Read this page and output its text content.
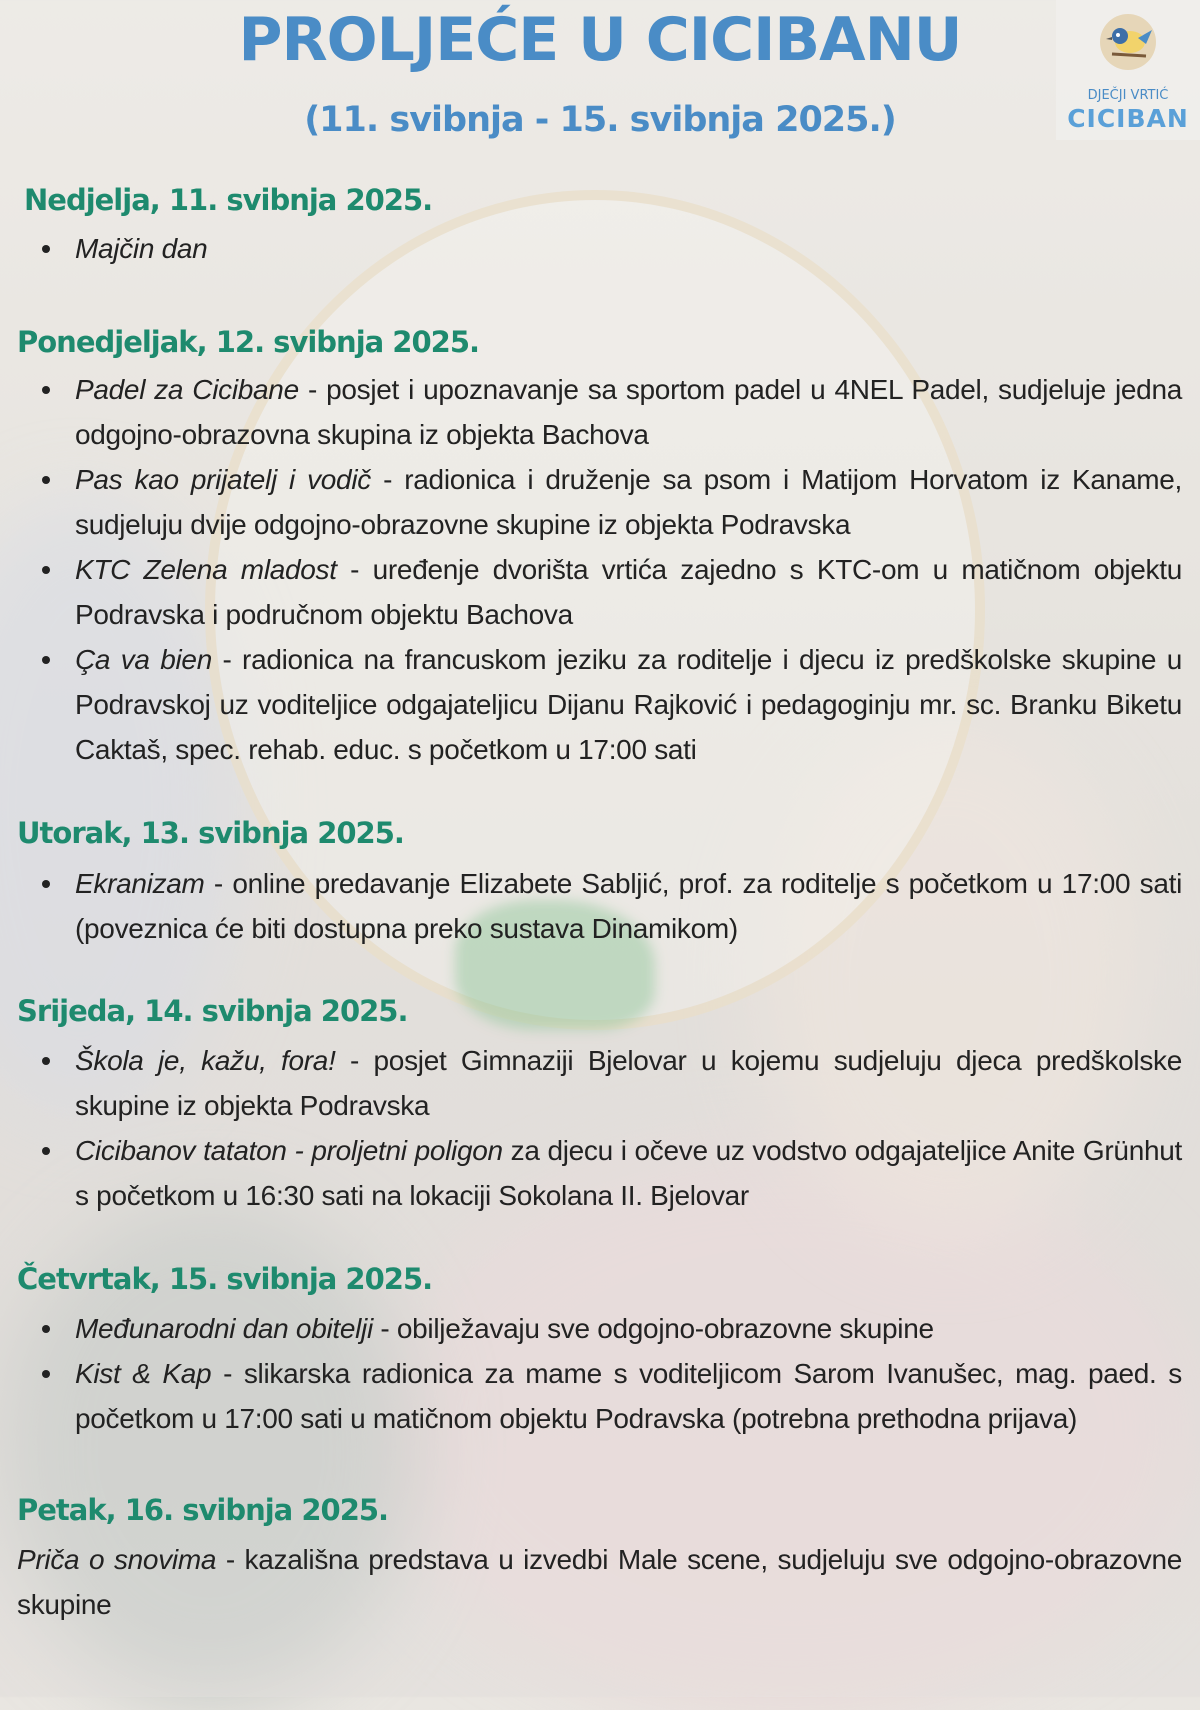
PROLJEĆE U CICIBANU
(11. svibnja - 15. svibnja 2025.)
DJEČJI VRTIĆ
CICIBAN
Nedjelja, 11. svibnja 2025.
Majčin dan
Ponedjeljak, 12. svibnja 2025.
Padel za Cicibane - posjet i upoznavanje sa sportom padel u 4NEL Padel, sudjeluje jedna odgojno-obrazovna skupina iz objekta Bachova
Pas kao prijatelj i vodič - radionica i druženje sa psom i Matijom Horvatom iz Kaname, sudjeluju dvije odgojno-obrazovne skupine iz objekta Podravska
KTC Zelena mladost - uređenje dvorišta vrtića zajedno s KTC-om u matičnom objektu Podravska i područnom objektu Bachova
Ça va bien - radionica na francuskom jeziku za roditelje i djecu iz predškolske skupine u Podravskoj uz voditeljice odgajateljicu Dijanu Rajković i pedagoginju mr. sc. Branku Biketu Caktaš, spec. rehab. educ. s početkom u 17:00 sati
Utorak, 13. svibnja 2025.
Ekranizam - online predavanje Elizabete Sabljić, prof. za roditelje s početkom u 17:00 sati (poveznica će biti dostupna preko sustava Dinamikom)
Srijeda, 14. svibnja 2025.
Škola je, kažu, fora! - posjet Gimnaziji Bjelovar u kojemu sudjeluju djeca predškolske skupine iz objekta Podravska
Cicibanov tataton - proljetni poligon za djecu i očeve uz vodstvo odgajateljice Anite Grünhut s početkom u 16:30 sati na lokaciji Sokolana II. Bjelovar
Četvrtak, 15. svibnja 2025.
Međunarodni dan obitelji - obilježavaju sve odgojno-obrazovne skupine
Kist & Kap - slikarska radionica za mame s voditeljicom Sarom Ivanušec, mag. paed. s početkom u 17:00 sati u matičnom objektu Podravska (potrebna prethodna prijava)
Petak, 16. svibnja 2025.

Priča o snovima - kazališna predstava u izvedbi Male scene, sudjeluju sve odgojno-obrazovne skupine
